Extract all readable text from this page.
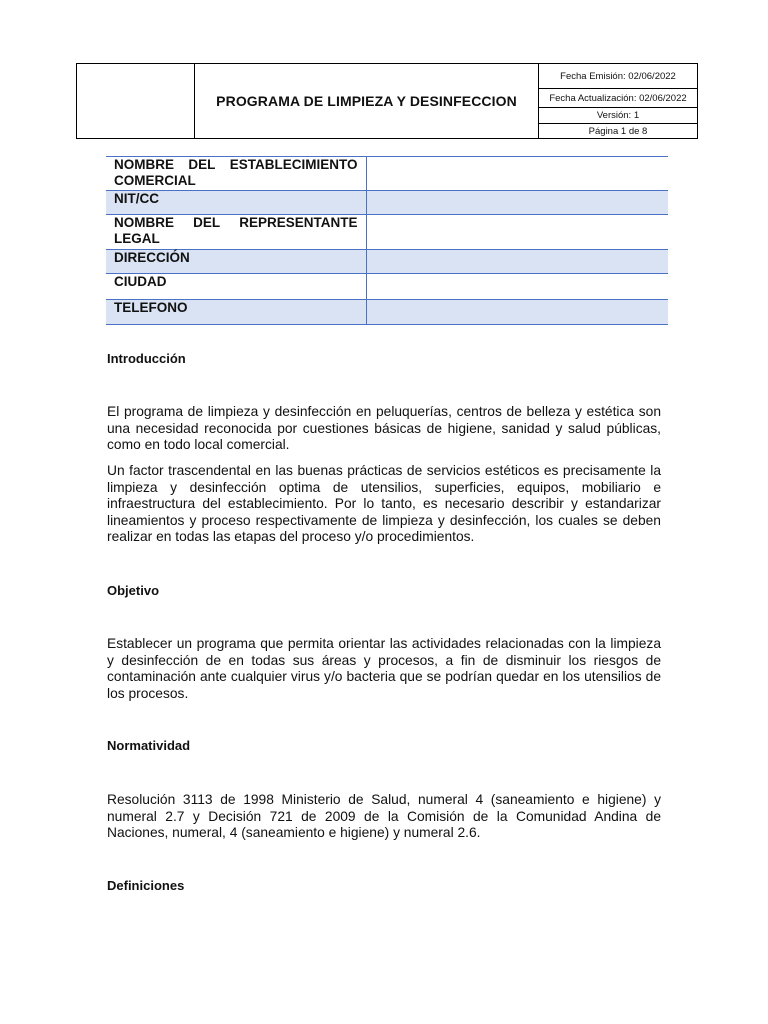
PROGRAMA DE LIMPIEZA Y DESINFECCION
Fecha Emisión: 02/06/2022
Fecha Actualización: 02/06/2022
Versión: 1
Página 1 de 8
NOMBRE DEL ESTABLECIMIENTO
COMERCIAL	

NIT/CC	

NOMBRE DEL REPRESENTANTE
LEGAL	

DIRECCIÓN	
CIUDAD	
TELEFONO	
Introducción
El programa de limpieza y desinfección en peluquerías, centros de belleza y estética son una necesidad reconocida por cuestiones básicas de higiene, sanidad y salud públicas, como en todo local comercial.
Un factor trascendental en las buenas prácticas de servicios estéticos es precisamente la limpieza y desinfección optima de utensilios, superficies, equipos, mobiliario e infraestructura del establecimiento. Por lo tanto, es necesario describir y estandarizar lineamientos y proceso respectivamente de limpieza y desinfección, los cuales se deben realizar en todas las etapas del proceso y/o procedimientos.
Objetivo
Establecer un programa que permita orientar las actividades relacionadas con la limpieza y desinfección de en todas sus áreas y procesos, a fin de disminuir los riesgos de contaminación ante cualquier virus y/o bacteria que se podrían quedar en los utensilios de los procesos.
Normatividad
Resolución 3113 de 1998 Ministerio de Salud, numeral 4 (saneamiento e higiene) y numeral 2.7 y Decisión 721 de 2009 de la Comisión de la Comunidad Andina de Naciones, numeral, 4 (saneamiento e higiene) y numeral 2.6.
Definiciones
